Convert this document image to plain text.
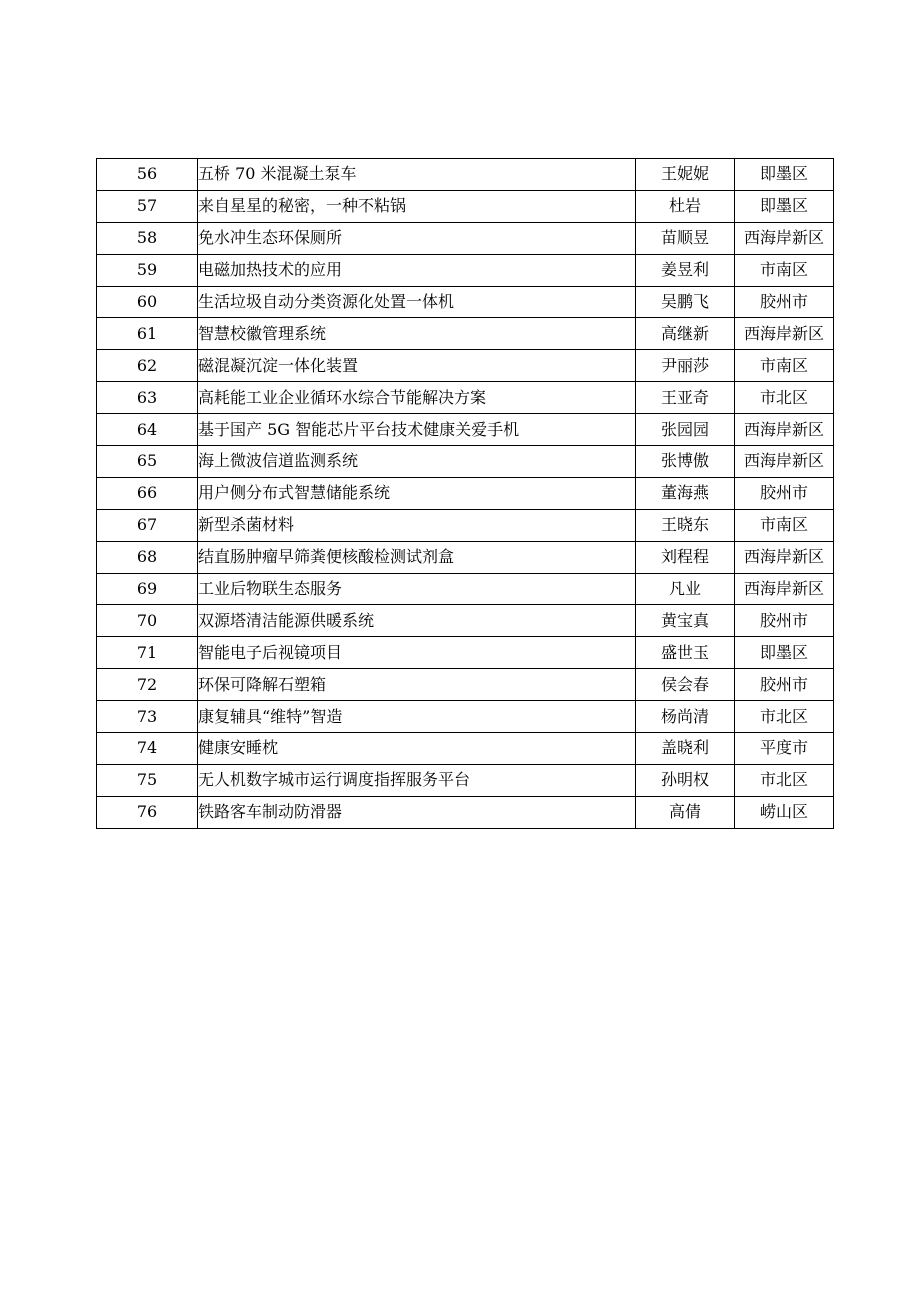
56	五桥 70 米混凝土泵车	王妮妮	即墨区
57	来自星星的秘密，一种不粘锅	杜岩	即墨区
58	免水冲生态环保厕所	苗顺昱	西海岸新区
59	电磁加热技术的应用	姜昱利	市南区
60	生活垃圾自动分类资源化处置一体机	吴鹏飞	胶州市
61	智慧校徽管理系统	高继新	西海岸新区
62	磁混凝沉淀一体化装置	尹丽莎	市南区
63	高耗能工业企业循环水综合节能解决方案	王亚奇	市北区
64	基于国产 5G 智能芯片平台技术健康关爱手机	张园园	西海岸新区
65	海上微波信道监测系统	张博傲	西海岸新区
66	用户侧分布式智慧储能系统	董海燕	胶州市
67	新型杀菌材料	王晓东	市南区
68	结直肠肿瘤早筛粪便核酸检测试剂盒	刘程程	西海岸新区
69	工业后物联生态服务	凡业	西海岸新区
70	双源塔清洁能源供暖系统	黄宝真	胶州市
71	智能电子后视镜项目	盛世玉	即墨区
72	环保可降解石塑箱	侯会春	胶州市
73	康复辅具“维特”智造	杨尚清	市北区
74	健康安睡枕	盖晓利	平度市
75	无人机数字城市运行调度指挥服务平台	孙明权	市北区
76	铁路客车制动防滑器	高倩	崂山区
